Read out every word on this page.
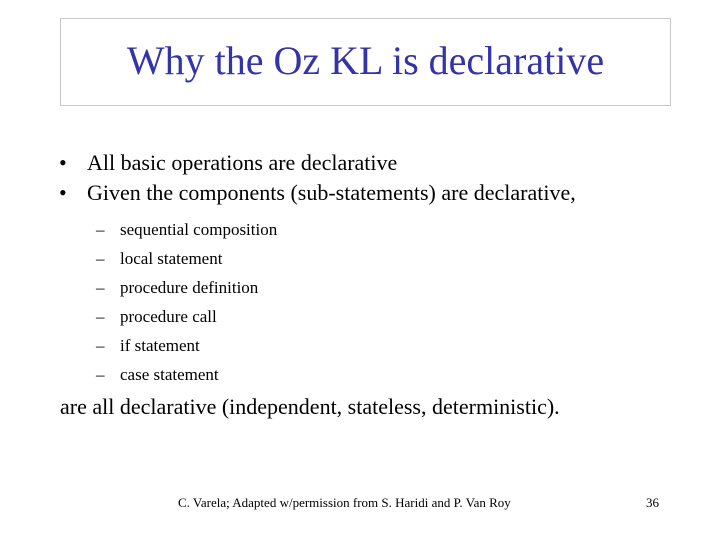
Why the Oz KL is declarative
• All basic operations are declarative
• Given the components (sub-statements) are declarative,
– sequential composition
– local statement
– procedure definition
– procedure call
– if statement
– case statement
are all declarative (independent, stateless, deterministic).
C. Varela; Adapted w/permission from S. Haridi and P. Van Roy	36
